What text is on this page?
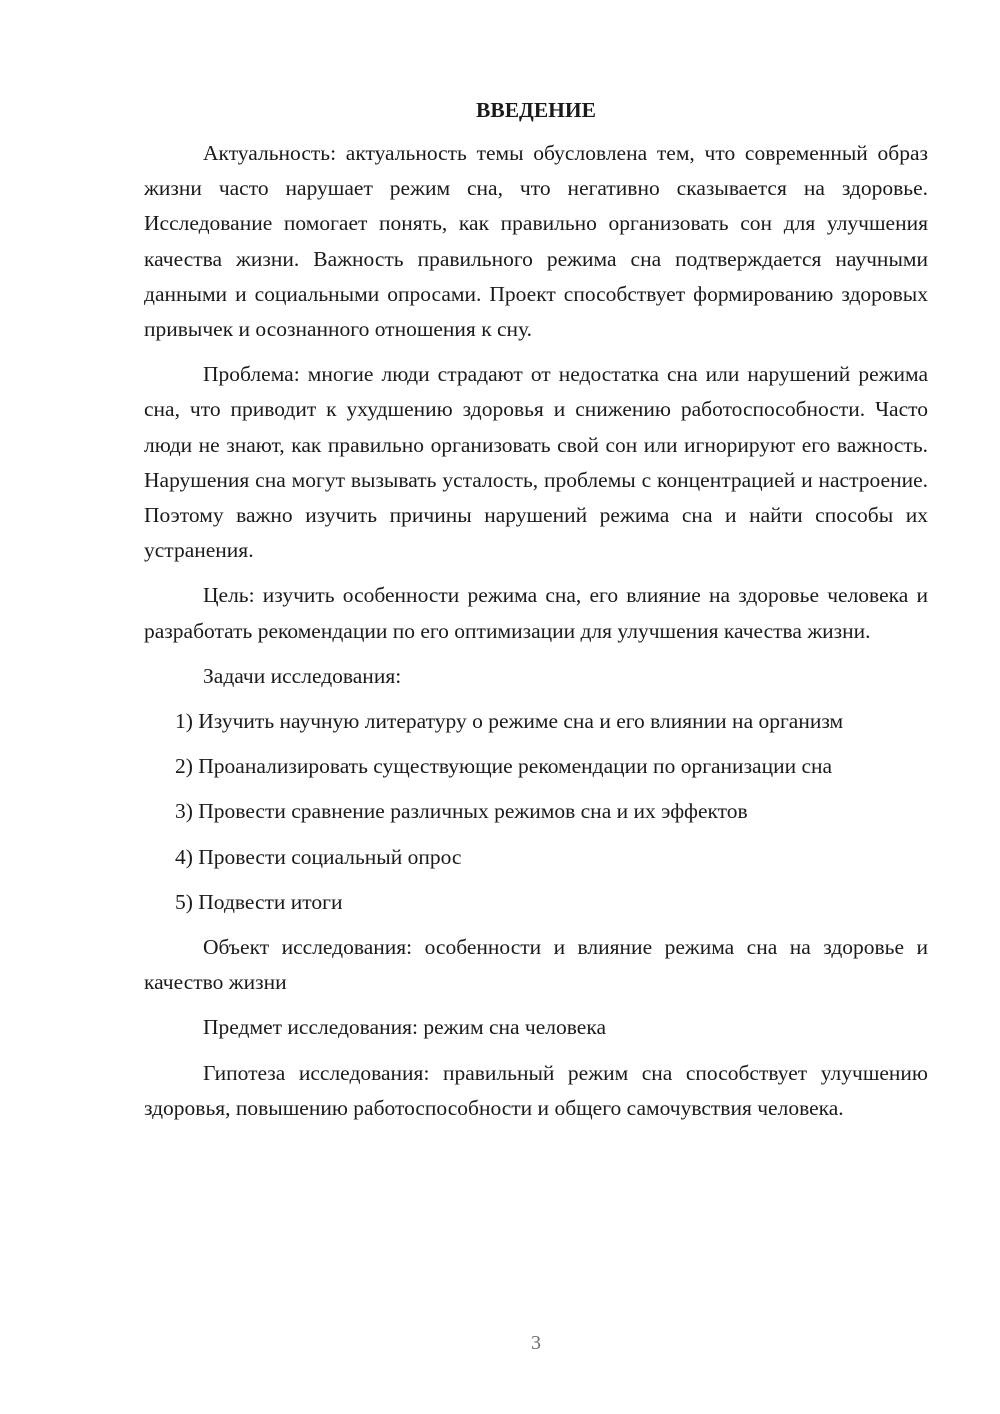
ВВЕДЕНИЕ

Актуальность: актуальность темы обусловлена тем, что современный образ жизни часто нарушает режим сна, что негативно сказывается на здоровье. Исследование помогает понять, как правильно организовать сон для улучшения качества жизни. Важность правильного режима сна подтверждается научными данными и социальными опросами. Проект способствует формированию здоровых привычек и осознанного отношения к сну.

Проблема: многие люди страдают от недостатка сна или нарушений режима сна, что приводит к ухудшению здоровья и снижению работоспособности. Часто люди не знают, как правильно организовать свой сон или игнорируют его важность. Нарушения сна могут вызывать усталость, проблемы с концентрацией и настроение. Поэтому важно изучить причины нарушений режима сна и найти способы их устранения.

Цель: изучить особенности режима сна, его влияние на здоровье человека и разработать рекомендации по его оптимизации для улучшения качества жизни.

Задачи исследования:

1) Изучить научную литературу о режиме сна и его влиянии на организм

2) Проанализировать существующие рекомендации по организации сна

3) Провести сравнение различных режимов сна и их эффектов

4) Провести социальный опрос

5) Подвести итоги

Объект исследования: особенности и влияние режима сна на здоровье и качество жизни

Предмет исследования: режим сна человека

Гипотеза исследования: правильный режим сна способствует улучшению здоровья, повышению работоспособности и общего самочувствия человека.

3
